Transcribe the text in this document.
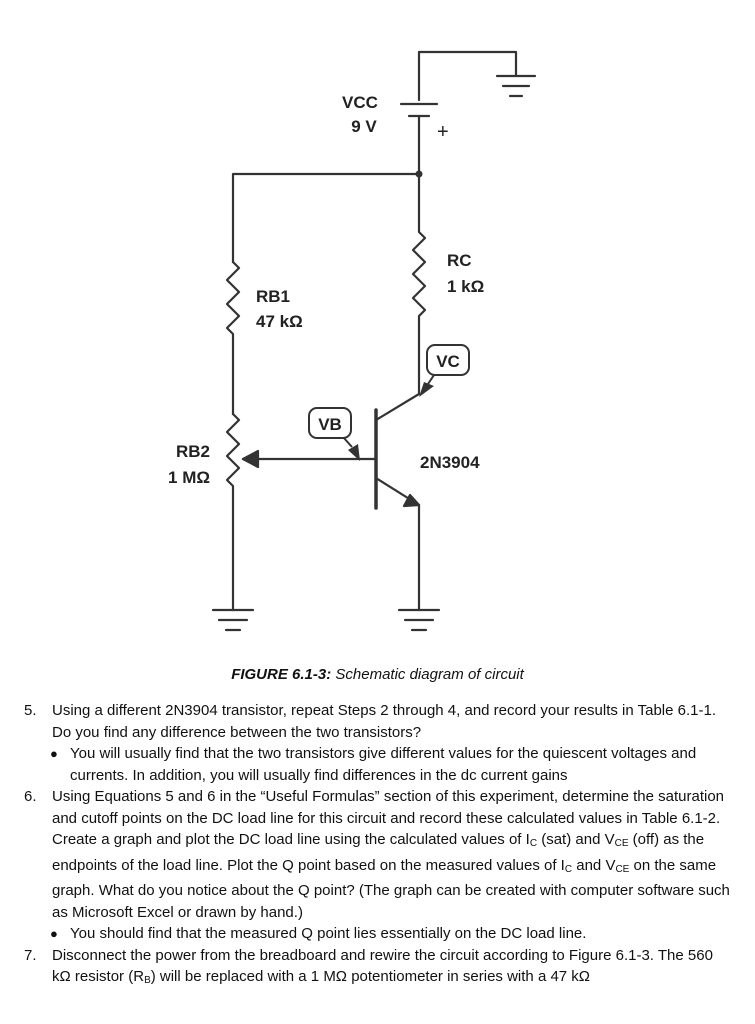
VC
VB
VCC
9 V	+
RC
1 kΩ
RB1
47 kΩ
RB2
1 MΩ
2N3904
FIGURE 6.1-3: Schematic diagram of circuit
5. Using a different 2N3904 transistor, repeat Steps 2 through 4, and record your results in Table 6.1-1. Do you find any difference between the two transistors?
● You will usually find that the two transistors give different values for the quiescent voltages and currents. In addition, you will usually find differences in the dc current gains
6. Using Equations 5 and 6 in the “Useful Formulas” section of this experiment, determine the saturation and cutoff points on the DC load line for this circuit and record these calculated values in Table 6.1-2. Create a graph and plot the DC load line using the calculated values of $I_C$ (sat) and $V_{CE}$ (off) as the endpoints of the load line. Plot the Q point based on the measured values of $I_C$ and $V_{CE}$ on the same graph. What do you notice about the Q point? (The graph can be created with computer software such as Microsoft Excel or drawn by hand.)
● You should find that the measured Q point lies essentially on the DC load line.
7. Disconnect the power from the breadboard and rewire the circuit according to Figure 6.1-3. The 560 kΩ resistor $(R_B)$ will be replaced with a 1 MΩ potentiometer in series with a 47 kΩ
